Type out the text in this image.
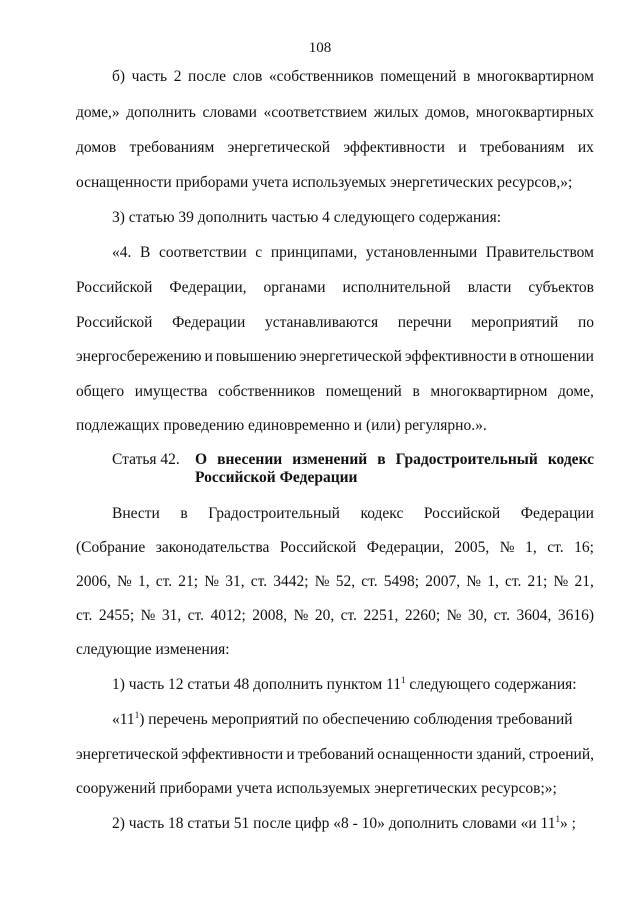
108
б) часть 2 после слов «собственников помещений в многоквартирном
доме,» дополнить словами «соответствием жилых домов, многоквартирных
домов требованиям энергетической эффективности и требованиям их
оснащенности приборами учета используемых энергетических ресурсов,»;
3) статью 39 дополнить частью 4 следующего содержания:
«4. В соответствии с принципами, установленными Правительством
Российской Федерации, органами исполнительной власти субъектов
Российской Федерации устанавливаются перечни мероприятий по
энергосбережению и повышению энергетической эффективности в отношении
общего имущества собственников помещений в многоквартирном доме,
подлежащих проведению единовременно и (или) регулярно.».
Статья 42. О внесении изменений в Градостроительный кодекс
Российской Федерации
Внести в Градостроительный кодекс Российской Федерации
(Собрание законодательства Российской Федерации, 2005, № 1, ст. 16;
2006, № 1, ст. 21; № 31, ст. 3442; № 52, ст. 5498; 2007, № 1, ст. 21; № 21,
ст. 2455; № 31, ст. 4012; 2008, № 20, ст. 2251, 2260; № 30, ст. 3604, 3616)
следующие изменения:
1) часть 12 статьи 48 дополнить пунктом $11^1$ следующего содержания:
«$11^1$) перечень мероприятий по обеспечению соблюдения требований
энергетической эффективности и требований оснащенности зданий, строений,
сооружений приборами учета используемых энергетических ресурсов;»;
2) часть 18 статьи 51 после цифр «8 - 10» дополнить словами «и $11^1$» ;
